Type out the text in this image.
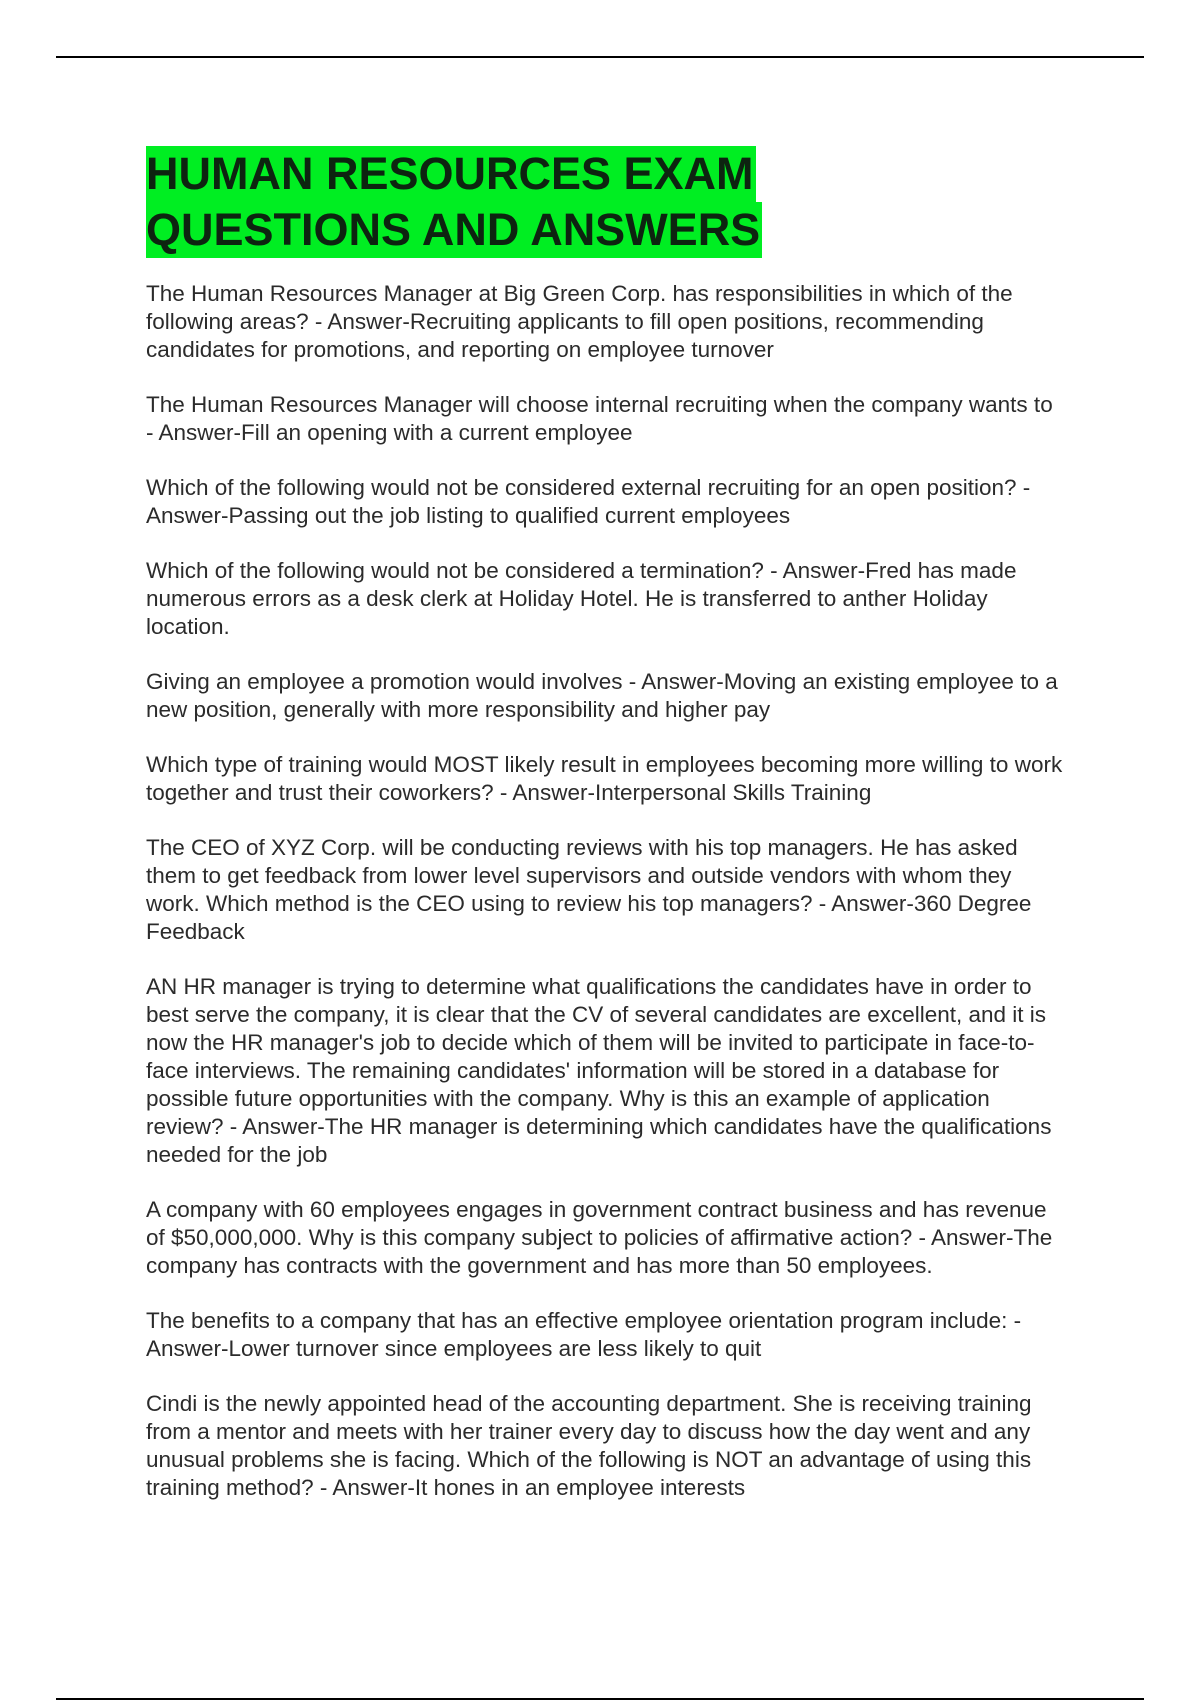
HUMAN RESOURCES EXAM
QUESTIONS AND ANSWERS

The Human Resources Manager at Big Green Corp. has responsibilities in which of the following areas? - Answer-Recruiting applicants to fill open positions, recommending candidates for promotions, and reporting on employee turnover

The Human Resources Manager will choose internal recruiting when the company wants to - Answer-Fill an opening with a current employee

Which of the following would not be considered external recruiting for an open position? - Answer-Passing out the job listing to qualified current employees

Which of the following would not be considered a termination? - Answer-Fred has made numerous errors as a desk clerk at Holiday Hotel. He is transferred to anther Holiday location.

Giving an employee a promotion would involves - Answer-Moving an existing employee to a new position, generally with more responsibility and higher pay

Which type of training would MOST likely result in employees becoming more willing to work together and trust their coworkers? - Answer-Interpersonal Skills Training

The CEO of XYZ Corp. will be conducting reviews with his top managers. He has asked them to get feedback from lower level supervisors and outside vendors with whom they work. Which method is the CEO using to review his top managers? - Answer-360 Degree Feedback

AN HR manager is trying to determine what qualifications the candidates have in order to best serve the company, it is clear that the CV of several candidates are excellent, and it is now the HR manager's job to decide which of them will be invited to participate in face-to-face interviews. The remaining candidates' information will be stored in a database for possible future opportunities with the company. Why is this an example of application review? - Answer-The HR manager is determining which candidates have the qualifications needed for the job

A company with 60 employees engages in government contract business and has revenue of $50,000,000. Why is this company subject to policies of affirmative action? - Answer-The company has contracts with the government and has more than 50 employees.

The benefits to a company that has an effective employee orientation program include: - Answer-Lower turnover since employees are less likely to quit

Cindi is the newly appointed head of the accounting department. She is receiving training from a mentor and meets with her trainer every day to discuss how the day went and any unusual problems she is facing. Which of the following is NOT an advantage of using this training method? - Answer-It hones in an employee interests
